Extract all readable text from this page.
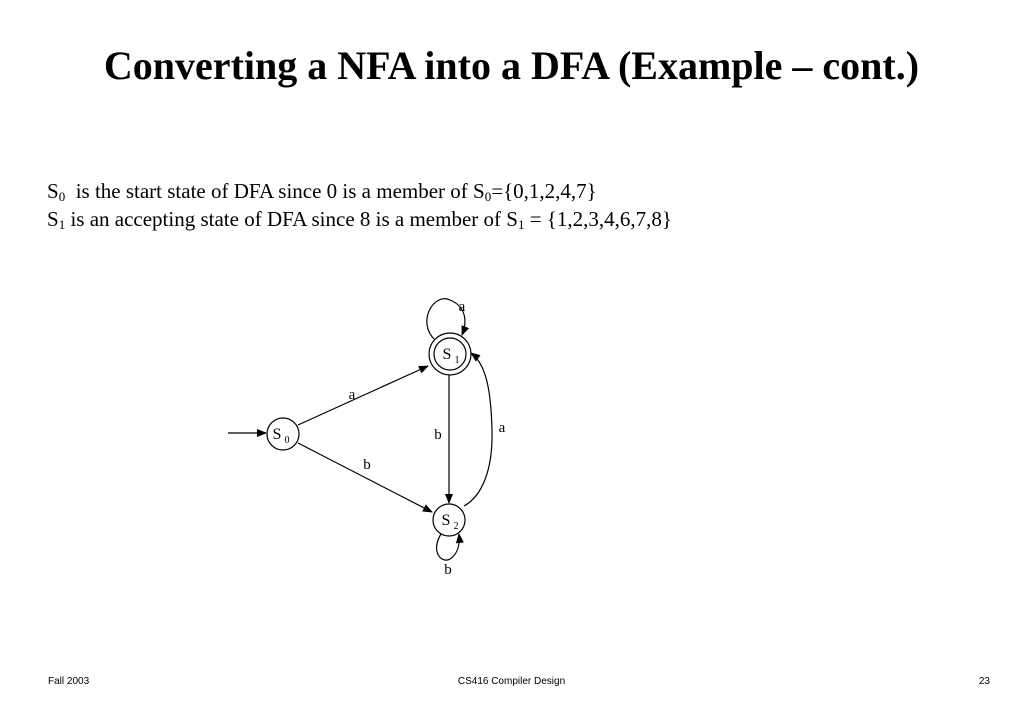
Converting a NFA into a DFA (Example – cont.)
$S_0$ is the start state of DFA since 0 is a member of $S_0=\{0,1,2,4,7\}$
$S_1$ is an accepting state of DFA since 8 is a member of $S_1 = \{1,2,3,4,6,7,8\}$
S 0
S 1
S 2
a
b
a
b	a
b
Fall 2003	CS416 Compiler Design	23
